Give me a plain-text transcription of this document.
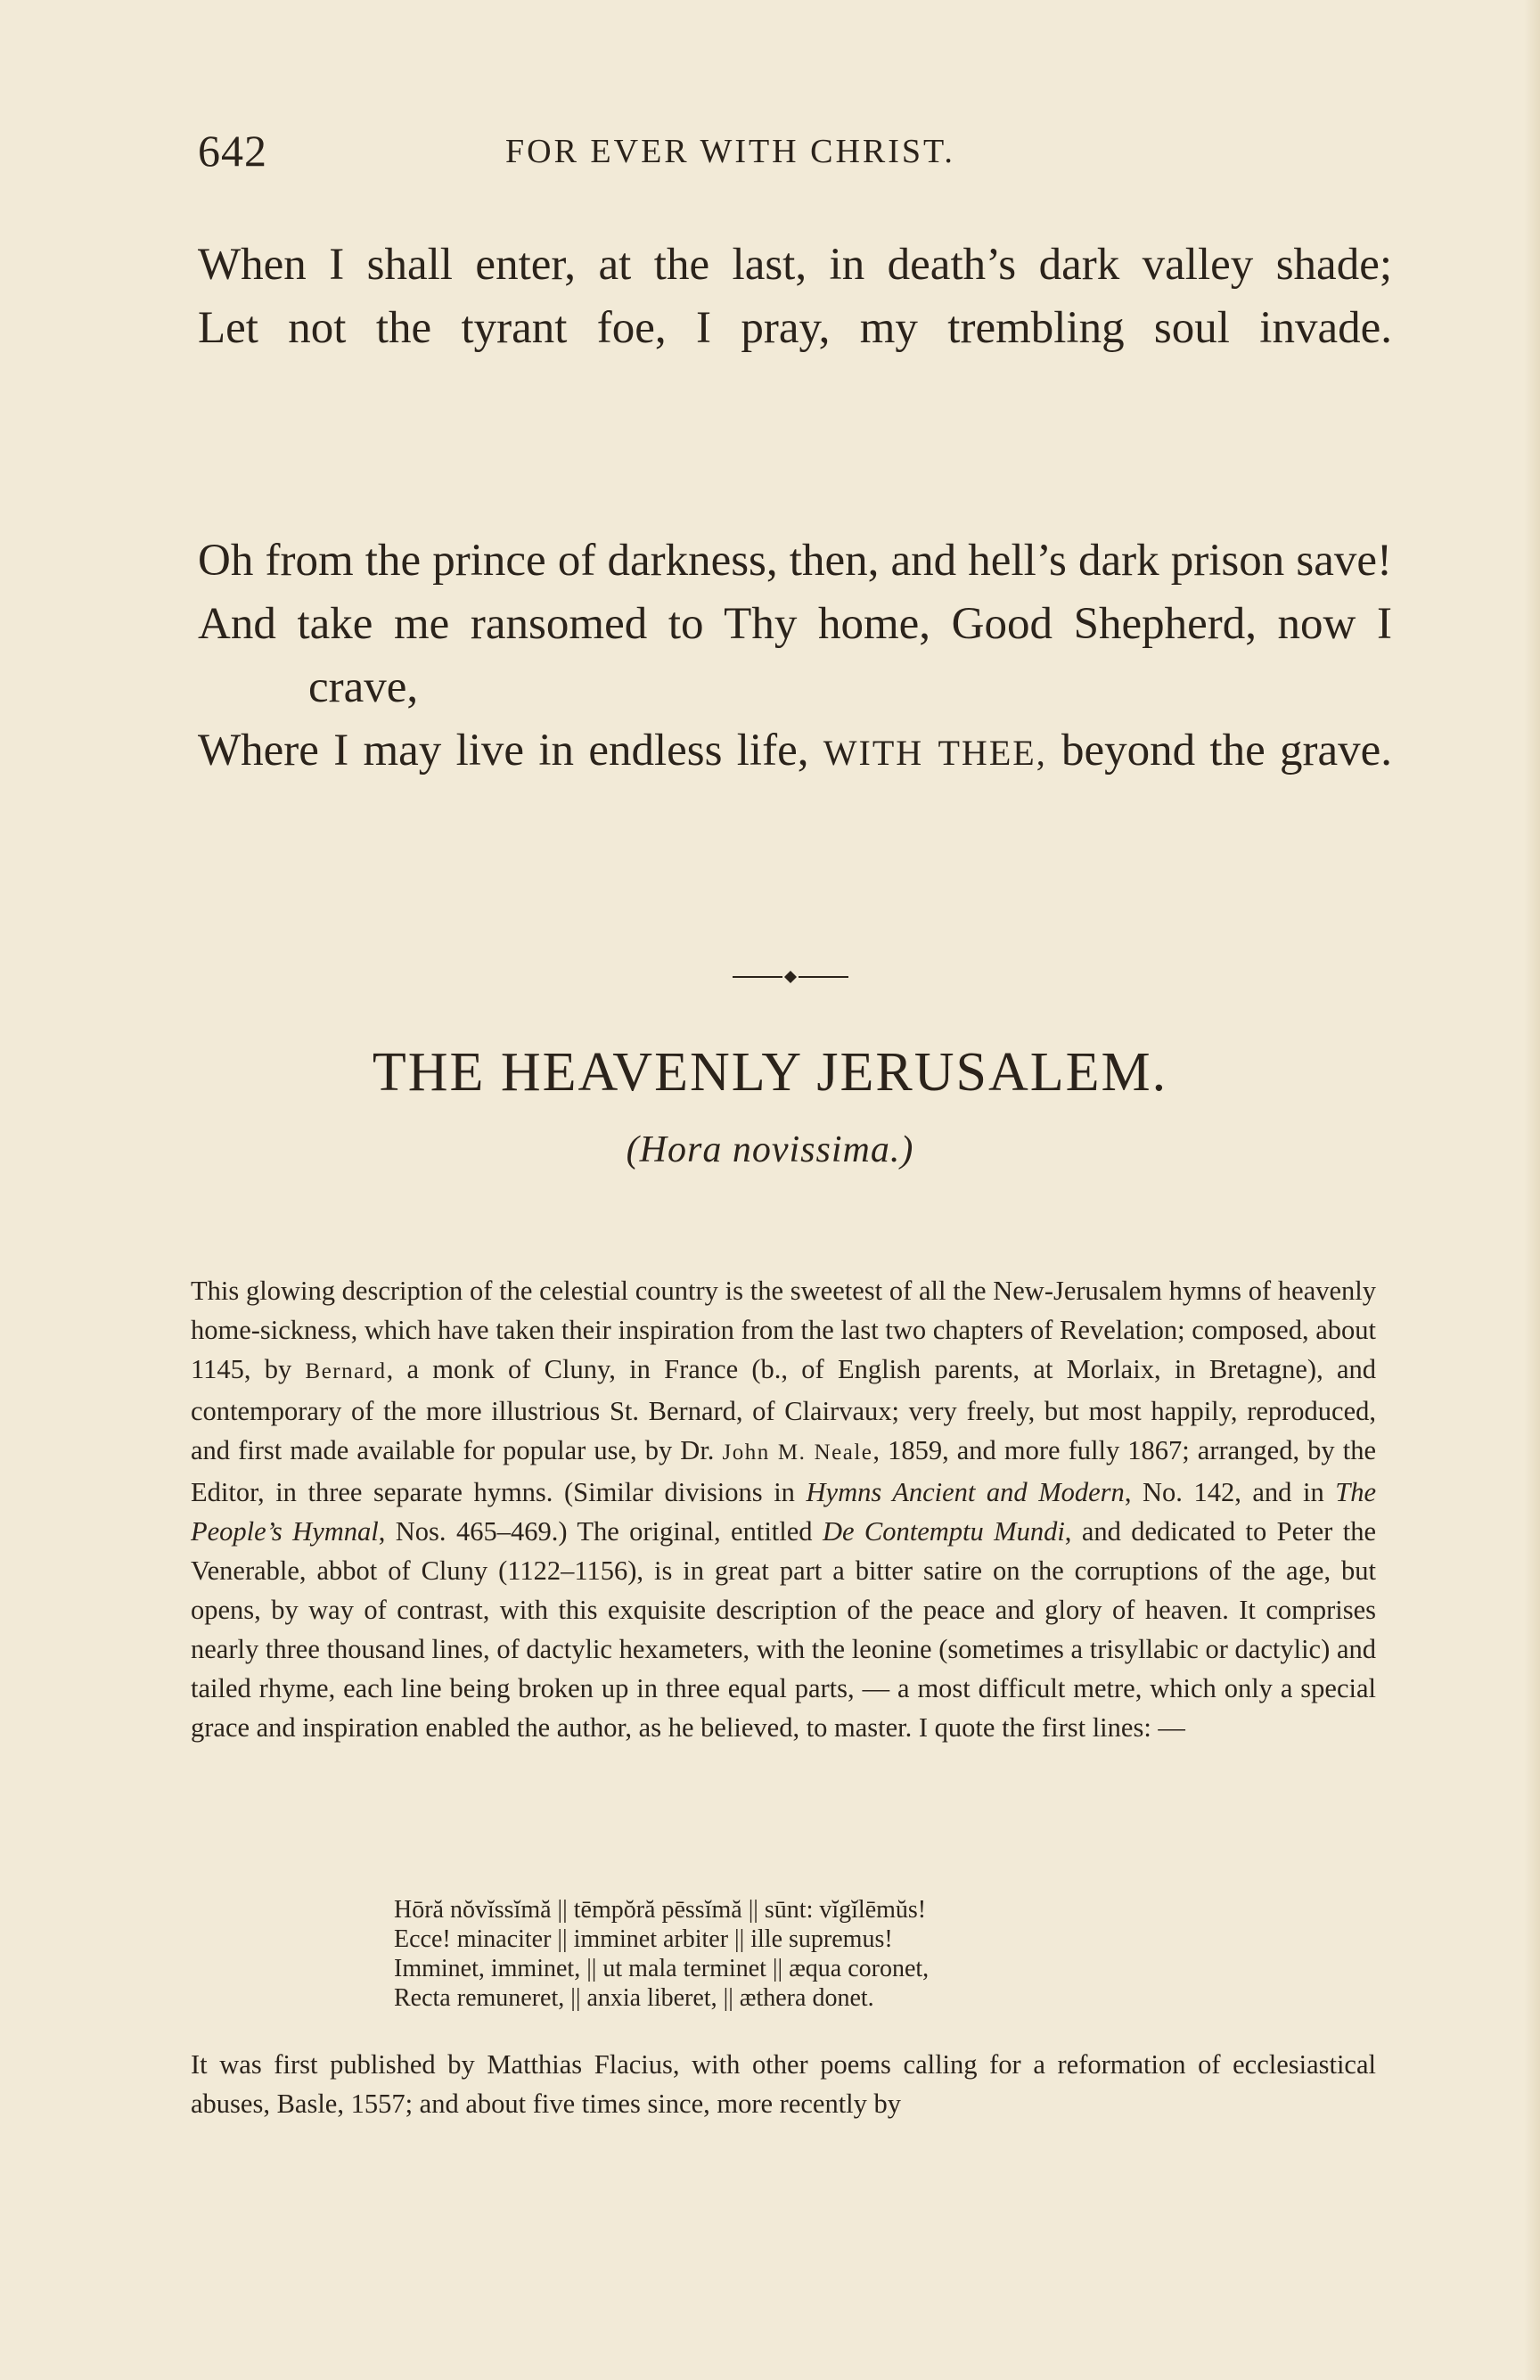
642	FOR EVER WITH CHRIST.
When I shall enter, at the last, in death’s dark valley shade;
Let not the tyrant foe, I pray, my trembling soul invade.
Oh from the prince of darkness, then, and hell’s dark prison save!
And take me ransomed to Thy home, Good Shepherd, now I crave,
Where I may live in endless life, WITH THEE, beyond the grave.
THE HEAVENLY JERUSALEM.
(Hora novissima.)
This glowing description of the celestial country is the sweetest of all the New-Jerusalem hymns of heavenly home-sickness, which have taken their inspiration from the last two chapters of Revelation; composed, about 1145, by Bernard, a monk of Cluny, in France (b., of English parents, at Morlaix, in Bretagne), and contemporary of the more illustrious St. Bernard, of Clairvaux; very freely, but most happily, reproduced, and first made available for popular use, by Dr. John M. Neale, 1859, and more fully 1867; arranged, by the Editor, in three separate hymns. (Similar divisions in Hymns Ancient and Modern, No. 142, and in The People’s Hymnal, Nos. 465–469.) The original, entitled De Contemptu Mundi, and dedicated to Peter the Venerable, abbot of Cluny (1122–1156), is in great part a bitter satire on the corruptions of the age, but opens, by way of contrast, with this exquisite description of the peace and glory of heaven. It comprises nearly three thousand lines, of dactylic hexameters, with the leonine (sometimes a trisyllabic or dactylic) and tailed rhyme, each line being broken up in three equal parts, — a most difficult metre, which only a special grace and inspiration enabled the author, as he believed, to master. I quote the first lines: —
Hōră nŏvĭssĭmă || tēmpŏră pēssĭmă || sūnt: vĭgĭlēmŭs!
Ecce! minaciter || imminet arbiter || ille supremus!
Imminet, imminet, || ut mala terminet || æqua coronet,
Recta remuneret, || anxia liberet, || æthera donet.
It was first published by Matthias Flacius, with other poems calling for a reformation of ecclesiastical abuses, Basle, 1557; and about five times since, more recently by
